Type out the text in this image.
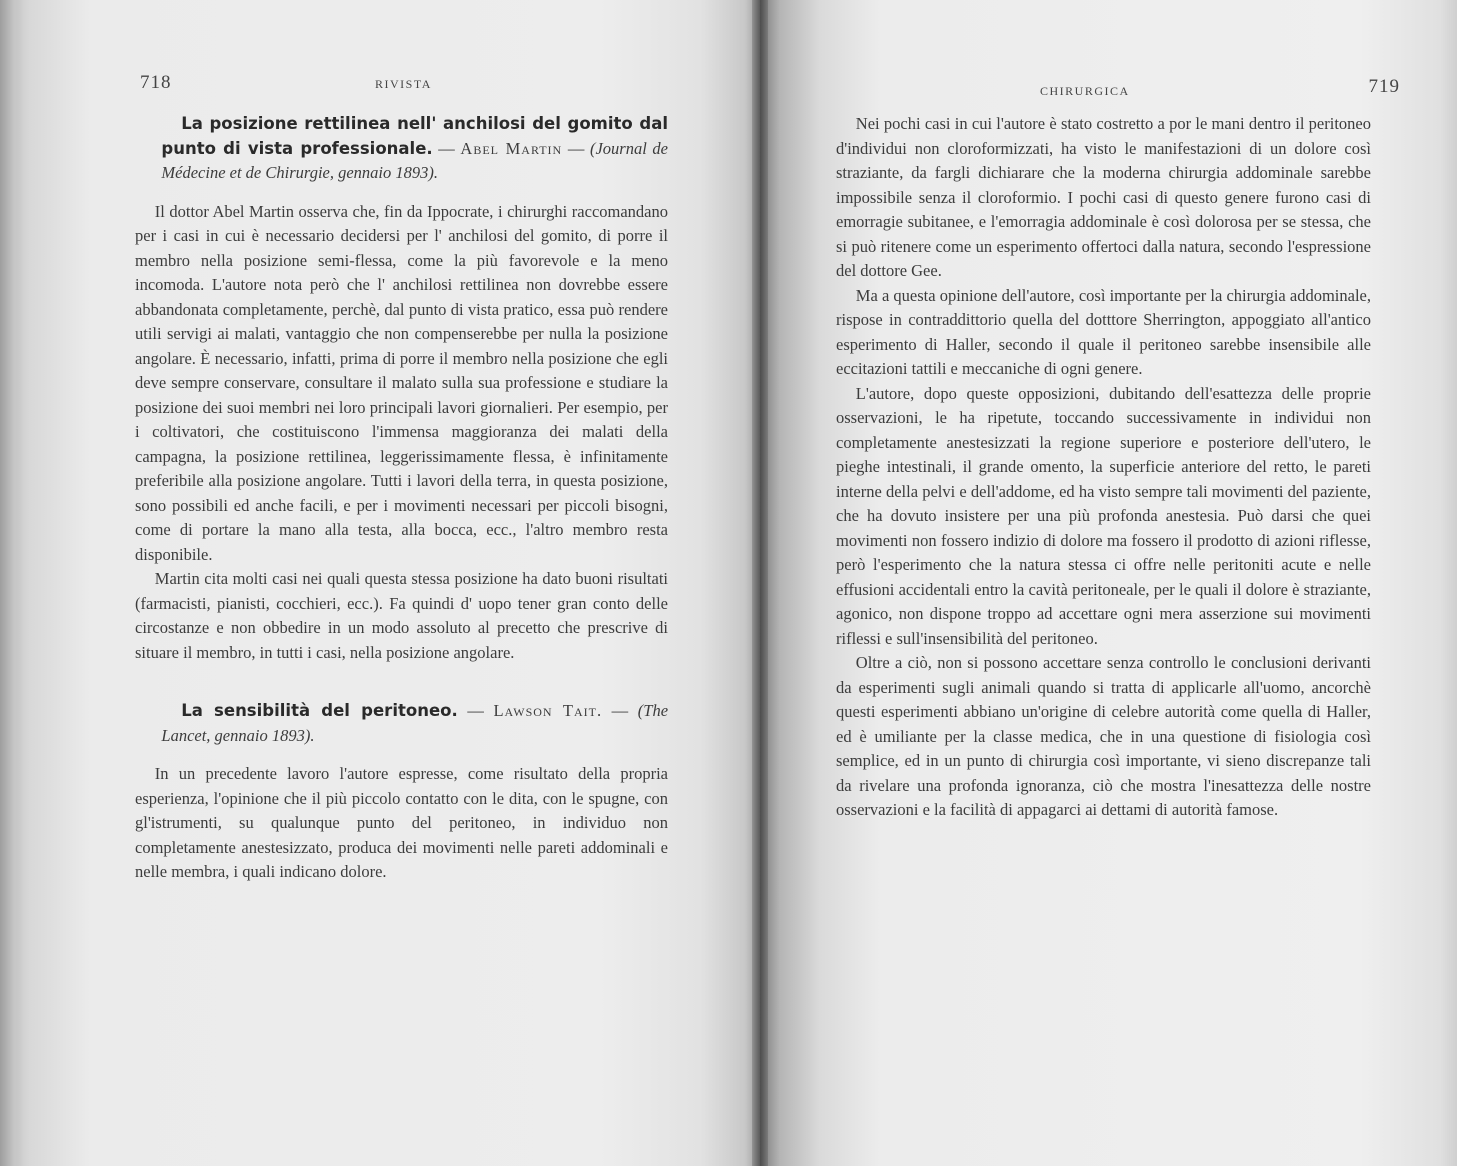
718	RIVISTA

La posizione rettilinea nell' anchilosi del gomito dal punto di vista professionale. — Abel Martin — (Journal de Médecine et de Chirurgie, gennaio 1893).

Il dottor Abel Martin osserva che, fin da Ippocrate, i chirurghi raccomandano per i casi in cui è necessario decidersi per l' anchilosi del gomito, di porre il membro nella posizione semi-flessa, come la più favorevole e la meno incomoda. L'autore nota però che l' anchilosi rettilinea non dovrebbe essere abbandonata completamente, perchè, dal punto di vista pratico, essa può rendere utili servigi ai malati, vantaggio che non compenserebbe per nulla la posizione angolare. È necessario, infatti, prima di porre il membro nella posizione che egli deve sempre conservare, consultare il malato sulla sua professione e studiare la posizione dei suoi membri nei loro principali lavori giornalieri. Per esempio, per i coltivatori, che costituiscono l'immensa maggioranza dei malati della campagna, la posizione rettilinea, leggerissimamente flessa, è infinitamente preferibile alla posizione angolare. Tutti i lavori della terra, in questa posizione, sono possibili ed anche facili, e per i movimenti necessari per piccoli bisogni, come di portare la mano alla testa, alla bocca, ecc., l'altro membro resta disponibile.

Martin cita molti casi nei quali questa stessa posizione ha dato buoni risultati (farmacisti, pianisti, cocchieri, ecc.). Fa quindi d' uopo tener gran conto delle circostanze e non obbedire in un modo assoluto al precetto che prescrive di situare il membro, in tutti i casi, nella posizione angolare.

La sensibilità del peritoneo. — Lawson Tait. — (The Lancet, gennaio 1893).

In un precedente lavoro l'autore espresse, come risultato della propria esperienza, l'opinione che il più piccolo contatto con le dita, con le spugne, con gl'istrumenti, su qualunque punto del peritoneo, in individuo non completamente anestesizzato, produca dei movimenti nelle pareti addominali e nelle membra, i quali indicano dolore.

CHIRURGICA	719

Nei pochi casi in cui l'autore è stato costretto a por le mani dentro il peritoneo d'individui non cloroformizzati, ha visto le manifestazioni di un dolore così straziante, da fargli dichiarare che la moderna chirurgia addominale sarebbe impossibile senza il cloroformio. I pochi casi di questo genere furono casi di emorragie subitanee, e l'emorragia addominale è così dolorosa per se stessa, che si può ritenere come un esperimento offertoci dalla natura, secondo l'espressione del dottore Gee.

Ma a questa opinione dell'autore, così importante per la chirurgia addominale, rispose in contraddittorio quella del dotttore Sherrington, appoggiato all'antico esperimento di Haller, secondo il quale il peritoneo sarebbe insensibile alle eccitazioni tattili e meccaniche di ogni genere.

L'autore, dopo queste opposizioni, dubitando dell'esattezza delle proprie osservazioni, le ha ripetute, toccando successivamente in individui non completamente anestesizzati la regione superiore e posteriore dell'utero, le pieghe intestinali, il grande omento, la superficie anteriore del retto, le pareti interne della pelvi e dell'addome, ed ha visto sempre tali movimenti del paziente, che ha dovuto insistere per una più profonda anestesia. Può darsi che quei movimenti non fossero indizio di dolore ma fossero il prodotto di azioni riflesse, però l'esperimento che la natura stessa ci offre nelle peritoniti acute e nelle effusioni accidentali entro la cavità peritoneale, per le quali il dolore è straziante, agonico, non dispone troppo ad accettare ogni mera asserzione sui movimenti riflessi e sull'insensibilità del peritoneo.

Oltre a ciò, non si possono accettare senza controllo le conclusioni derivanti da esperimenti sugli animali quando si tratta di applicarle all'uomo, ancorchè questi esperimenti abbiano un'origine di celebre autorità come quella di Haller, ed è umiliante per la classe medica, che in una questione di fisiologia così semplice, ed in un punto di chirurgia così importante, vi sieno discrepanze tali da rivelare una profonda ignoranza, ciò che mostra l'inesattezza delle nostre osservazioni e la facilità di appagarci ai dettami di autorità famose.
